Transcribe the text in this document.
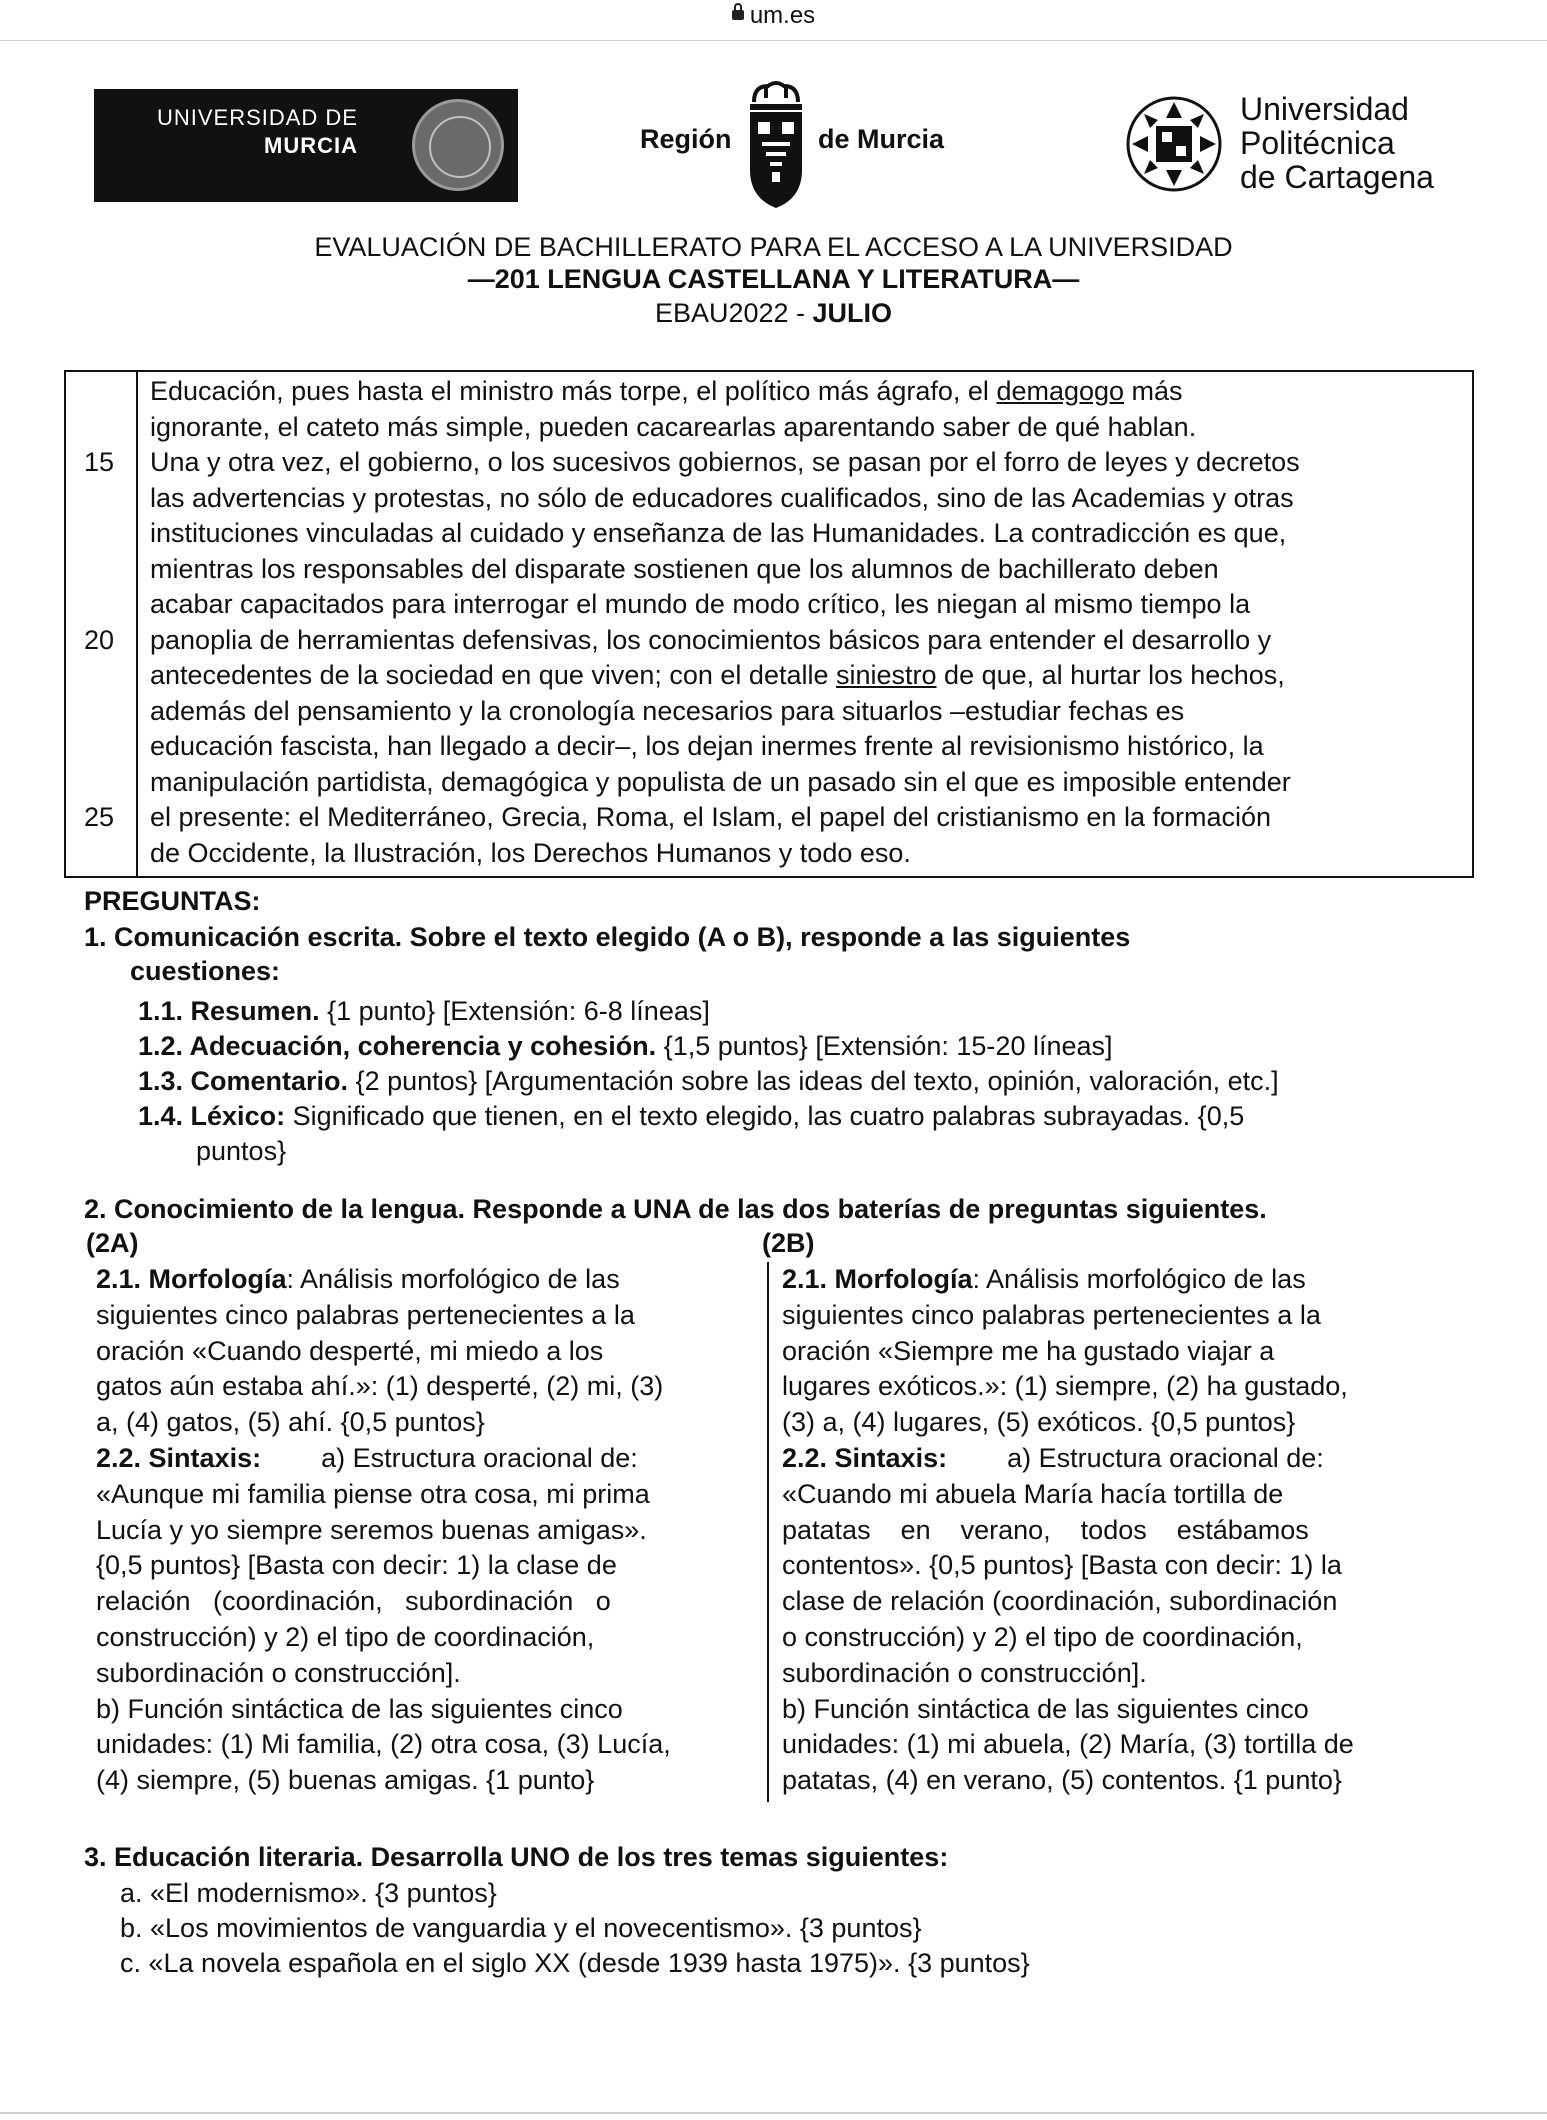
um.es
UNIVERSIDAD DE
MURCIA	Región	de Murcia
Universidad
Politécnica
de Cartagena
EVALUACIÓN DE BACHILLERATO PARA EL ACCESO A LA UNIVERSIDAD
—201 LENGUA CASTELLANA Y LITERATURA—
EBAU2022 - JULIO
Educación, pues hasta el ministro más torpe, el político más ágrafo, el demagogo más
ignorante, el cateto más simple, pueden cacarearlas aparentando saber de qué hablan.
15	Una y otra vez, el gobierno, o los sucesivos gobiernos, se pasan por el forro de leyes y decretos
las advertencias y protestas, no sólo de educadores cualificados, sino de las Academias y otras
instituciones vinculadas al cuidado y enseñanza de las Humanidades. La contradicción es que,
mientras los responsables del disparate sostienen que los alumnos de bachillerato deben
acabar capacitados para interrogar el mundo de modo crítico, les niegan al mismo tiempo la
20	panoplia de herramientas defensivas, los conocimientos básicos para entender el desarrollo y
antecedentes de la sociedad en que viven; con el detalle siniestro de que, al hurtar los hechos,
además del pensamiento y la cronología necesarios para situarlos –estudiar fechas es
educación fascista, han llegado a decir–, los dejan inermes frente al revisionismo histórico, la
manipulación partidista, demagógica y populista de un pasado sin el que es imposible entender
25	el presente: el Mediterráneo, Grecia, Roma, el Islam, el papel del cristianismo en la formación
de Occidente, la Ilustración, los Derechos Humanos y todo eso.
PREGUNTAS:
1. Comunicación escrita. Sobre el texto elegido (A o B), responde a las siguientes
cuestiones:
1.1. Resumen. {1 punto} [Extensión: 6-8 líneas]
1.2. Adecuación, coherencia y cohesión. {1,5 puntos} [Extensión: 15-20 líneas]
1.3. Comentario. {2 puntos} [Argumentación sobre las ideas del texto, opinión, valoración, etc.]
1.4. Léxico: Significado que tienen, en el texto elegido, las cuatro palabras subrayadas. {0,5
puntos}
2. Conocimiento de la lengua. Responde a UNA de las dos baterías de preguntas siguientes.
(2A)	(2B)
2.1. Morfología: Análisis morfológico de las
siguientes cinco palabras pertenecientes a la
oración «Cuando desperté, mi miedo a los
gatos aún estaba ahí.»: (1) desperté, (2) mi, (3)
a, (4) gatos, (5) ahí. {0,5 puntos}
2.2. Sintaxis:        a) Estructura oracional de:
«Aunque mi familia piense otra cosa, mi prima
Lucía y yo siempre seremos buenas amigas».
{0,5 puntos} [Basta con decir: 1) la clase de
relación   (coordinación,   subordinación   o
construcción) y 2) el tipo de coordinación,
subordinación o construcción].
b) Función sintáctica de las siguientes cinco
unidades: (1) Mi familia, (2) otra cosa, (3) Lucía,
(4) siempre, (5) buenas amigas. {1 punto}
2.1. Morfología: Análisis morfológico de las
siguientes cinco palabras pertenecientes a la
oración «Siempre me ha gustado viajar a
lugares exóticos.»: (1) siempre, (2) ha gustado,
(3) a, (4) lugares, (5) exóticos. {0,5 puntos}
2.2. Sintaxis:        a) Estructura oracional de:
«Cuando mi abuela María hacía tortilla de
patatas    en    verano,    todos    estábamos
contentos». {0,5 puntos} [Basta con decir: 1) la
clase de relación (coordinación, subordinación
o construcción) y 2) el tipo de coordinación,
subordinación o construcción].
b) Función sintáctica de las siguientes cinco
unidades: (1) mi abuela, (2) María, (3) tortilla de
patatas, (4) en verano, (5) contentos. {1 punto}
3. Educación literaria. Desarrolla UNO de los tres temas siguientes:
a. «El modernismo». {3 puntos}
b. «Los movimientos de vanguardia y el novecentismo». {3 puntos}
c. «La novela española en el siglo XX (desde 1939 hasta 1975)». {3 puntos}
